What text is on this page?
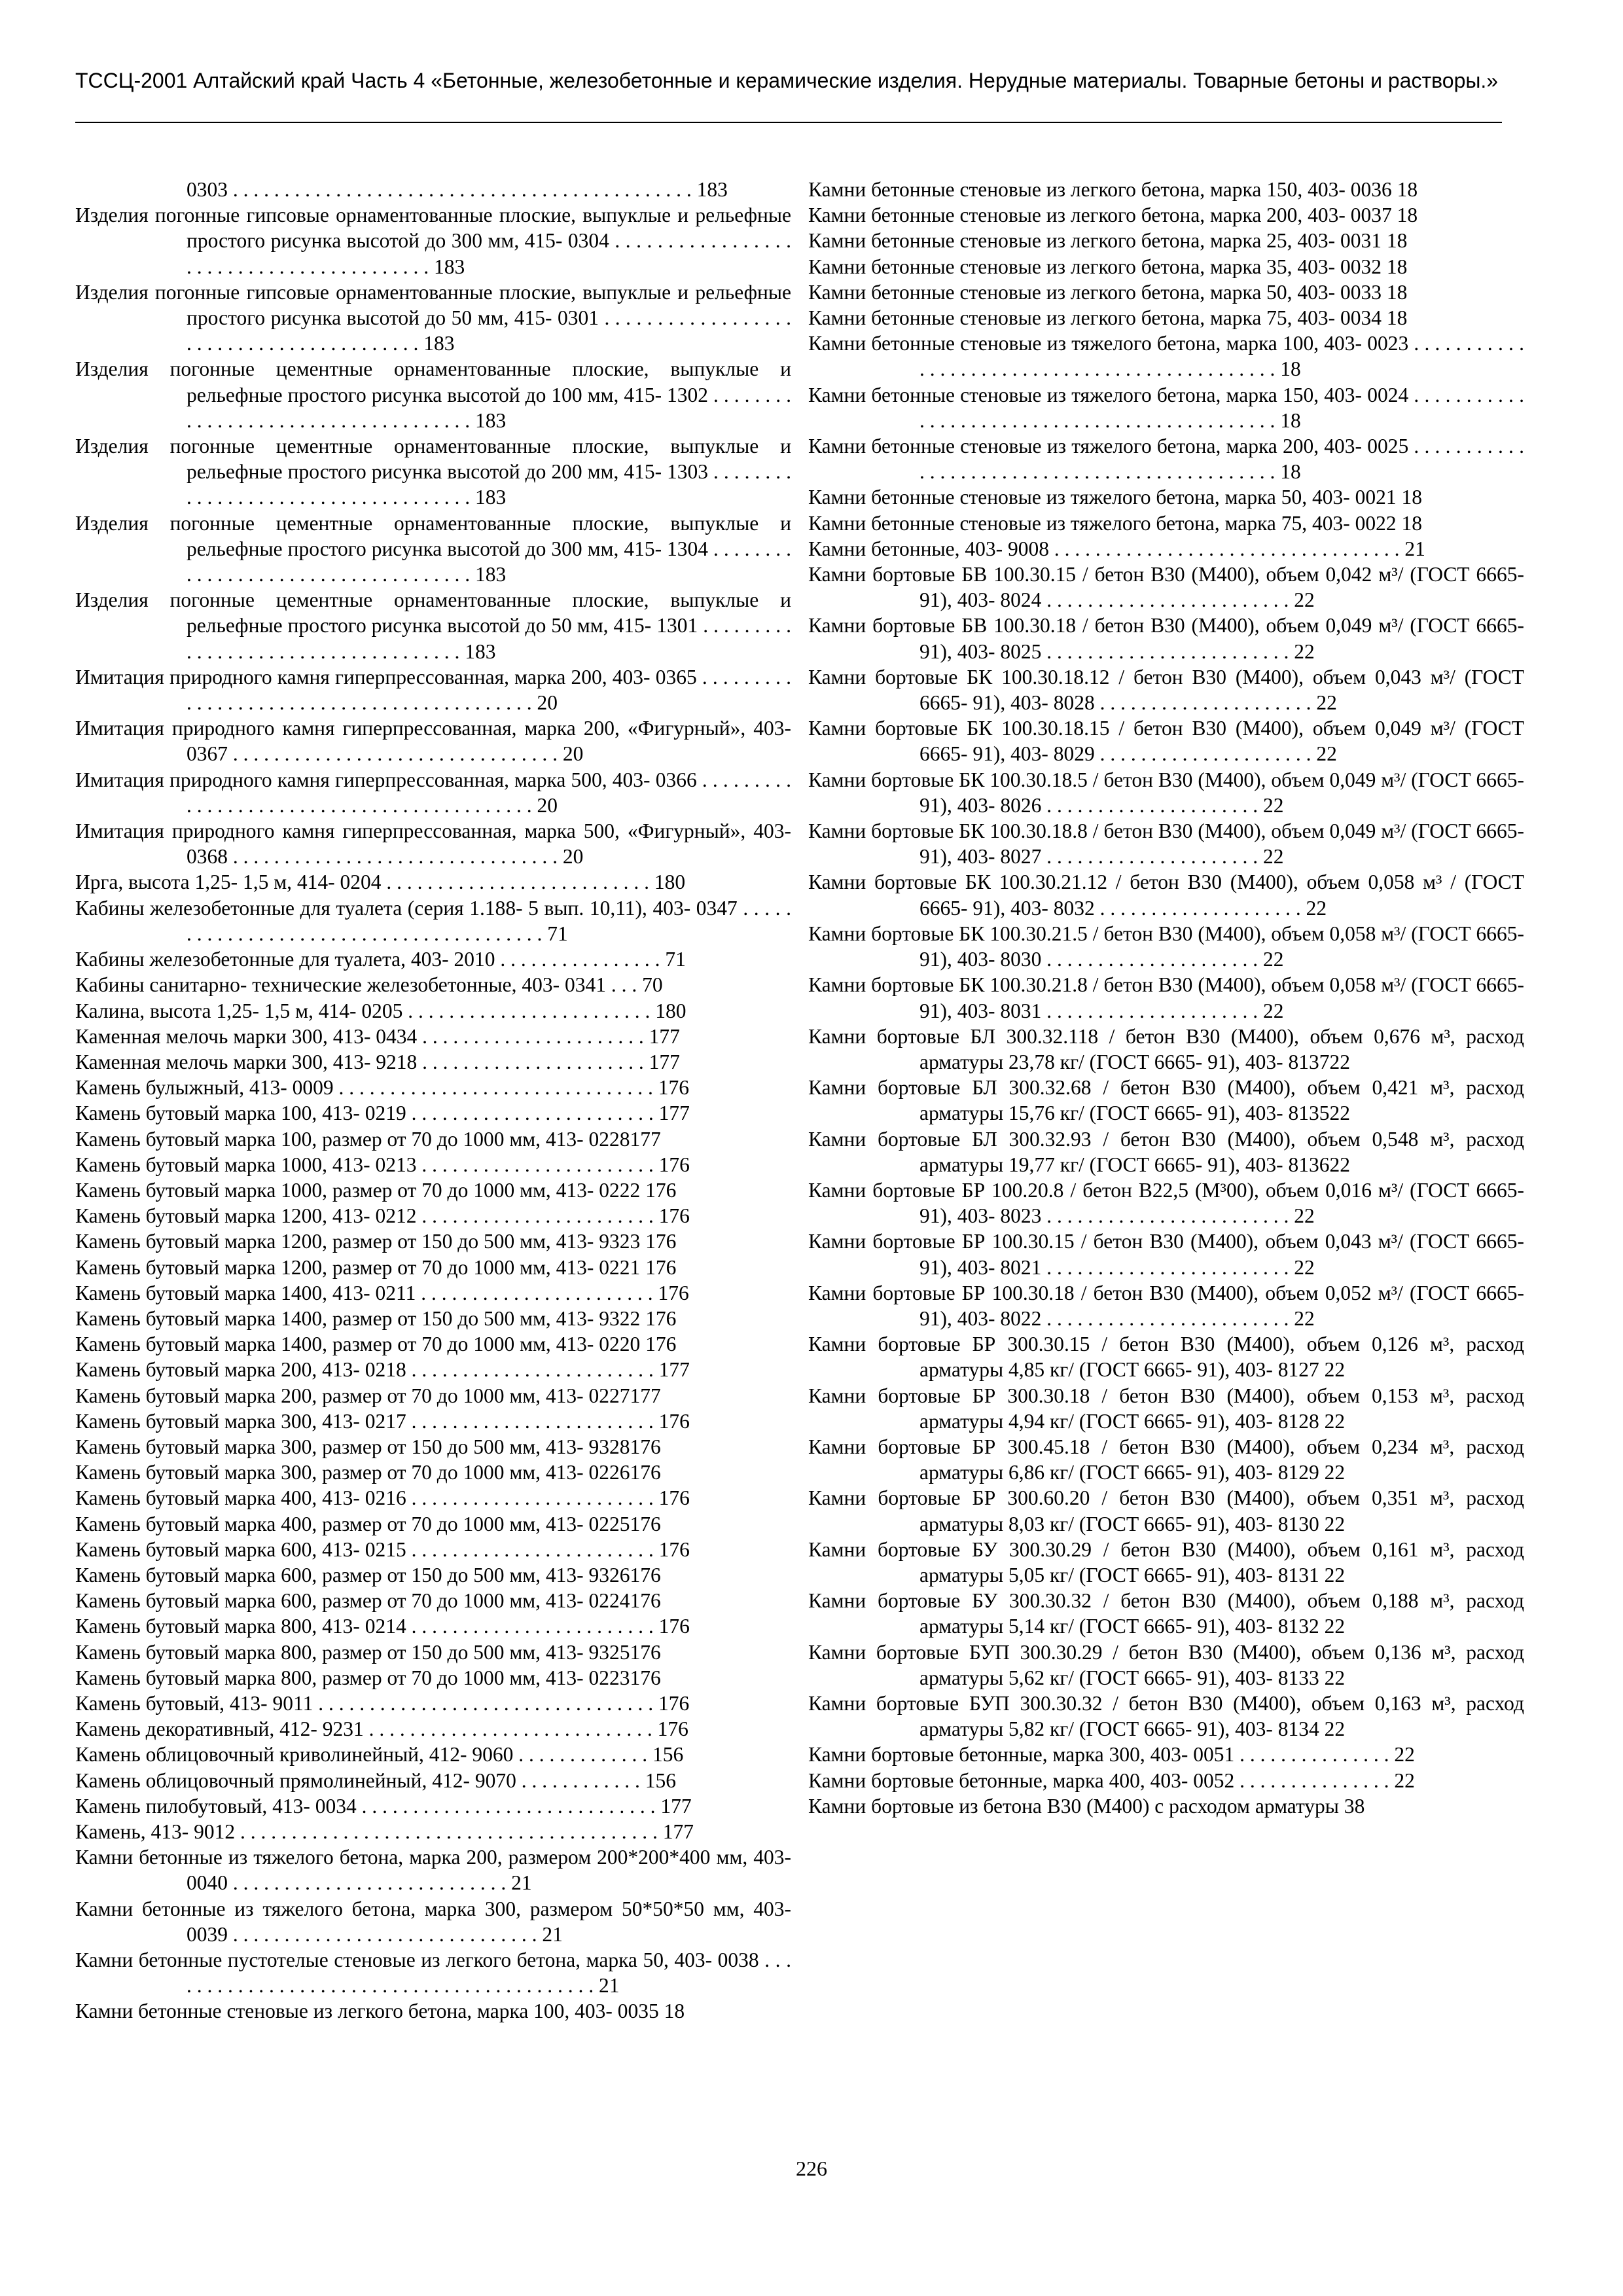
ТССЦ-2001 Алтайский край Часть 4 «Бетонные, железобетонные и керамические изделия. Нерудные материалы. Товарные бетоны и растворы.»
0303 . . . . . . . . . . . . . . . . . . . . . . . . . . . . . . . . . . . . . . . . . . . . . 183
Изделия погонные гипсовые орнаментованные плоские, выпуклые и рельефные простого рисунка высотой до 300 мм, 415- 0304 . . . . . . . . . . . . . . . . . . . . . . . . . . . . . . . . . . . . . . . . . 183
Изделия погонные гипсовые орнаментованные плоские, выпуклые и рельефные простого рисунка высотой до 50 мм, 415- 0301 . . . . . . . . . . . . . . . . . . . . . . . . . . . . . . . . . . . . . . . . . 183
Изделия погонные цементные орнаментованные плоские, выпуклые и рельефные простого рисунка высотой до 100 мм, 415- 1302 . . . . . . . . . . . . . . . . . . . . . . . . . . . . . . . . . . . . 183
Изделия погонные цементные орнаментованные плоские, выпуклые и рельефные простого рисунка высотой до 200 мм, 415- 1303 . . . . . . . . . . . . . . . . . . . . . . . . . . . . . . . . . . . . 183
Изделия погонные цементные орнаментованные плоские, выпуклые и рельефные простого рисунка высотой до 300 мм, 415- 1304 . . . . . . . . . . . . . . . . . . . . . . . . . . . . . . . . . . . . 183
Изделия погонные цементные орнаментованные плоские, выпуклые и рельефные простого рисунка высотой до 50 мм, 415- 1301 . . . . . . . . . . . . . . . . . . . . . . . . . . . . . . . . . . . . 183
Имитация природного камня гиперпрессованная, марка 200, 403- 0365 . . . . . . . . . . . . . . . . . . . . . . . . . . . . . . . . . . . . . . . . . . . 20
Имитация природного камня гиперпрессованная, марка 200, «Фигурный», 403- 0367 . . . . . . . . . . . . . . . . . . . . . . . . . . . . . . . . 20
Имитация природного камня гиперпрессованная, марка 500, 403- 0366 . . . . . . . . . . . . . . . . . . . . . . . . . . . . . . . . . . . . . . . . . . . 20
Имитация природного камня гиперпрессованная, марка 500, «Фигурный», 403- 0368 . . . . . . . . . . . . . . . . . . . . . . . . . . . . . . . . 20
Ирга, высота 1,25- 1,5 м, 414- 0204 . . . . . . . . . . . . . . . . . . . . . . . . . . 180
Кабины железобетонные для туалета (серия 1.188- 5 вып. 10,11), 403- 0347 . . . . . . . . . . . . . . . . . . . . . . . . . . . . . . . . . . . . . . . . 71
Кабины железобетонные для туалета, 403- 2010 . . . . . . . . . . . . . . . . 71
Кабины санитарно- технические железобетонные, 403- 0341 . . . 70
Калина, высота 1,25- 1,5 м, 414- 0205 . . . . . . . . . . . . . . . . . . . . . . . . 180
Каменная мелочь марки 300, 413- 0434 . . . . . . . . . . . . . . . . . . . . . . 177
Каменная мелочь марки 300, 413- 9218 . . . . . . . . . . . . . . . . . . . . . . 177
Камень булыжный, 413- 0009 . . . . . . . . . . . . . . . . . . . . . . . . . . . . . . . 176
Камень бутовый марка 100, 413- 0219 . . . . . . . . . . . . . . . . . . . . . . . . 177
Камень бутовый марка 100, размер от 70 до 1000 мм, 413- 0228177
Камень бутовый марка 1000, 413- 0213 . . . . . . . . . . . . . . . . . . . . . . . 176
Камень бутовый марка 1000, размер от 70 до 1000 мм, 413- 0222 176
Камень бутовый марка 1200, 413- 0212 . . . . . . . . . . . . . . . . . . . . . . . 176
Камень бутовый марка 1200, размер от 150 до 500 мм, 413- 9323 176
Камень бутовый марка 1200, размер от 70 до 1000 мм, 413- 0221 176
Камень бутовый марка 1400, 413- 0211 . . . . . . . . . . . . . . . . . . . . . . . 176
Камень бутовый марка 1400, размер от 150 до 500 мм, 413- 9322 176
Камень бутовый марка 1400, размер от 70 до 1000 мм, 413- 0220 176
Камень бутовый марка 200, 413- 0218 . . . . . . . . . . . . . . . . . . . . . . . . 177
Камень бутовый марка 200, размер от 70 до 1000 мм, 413- 0227177
Камень бутовый марка 300, 413- 0217 . . . . . . . . . . . . . . . . . . . . . . . . 176
Камень бутовый марка 300, размер от 150 до 500 мм, 413- 9328176
Камень бутовый марка 300, размер от 70 до 1000 мм, 413- 0226176
Камень бутовый марка 400, 413- 0216 . . . . . . . . . . . . . . . . . . . . . . . . 176
Камень бутовый марка 400, размер от 70 до 1000 мм, 413- 0225176
Камень бутовый марка 600, 413- 0215 . . . . . . . . . . . . . . . . . . . . . . . . 176
Камень бутовый марка 600, размер от 150 до 500 мм, 413- 9326176
Камень бутовый марка 600, размер от 70 до 1000 мм, 413- 0224176
Камень бутовый марка 800, 413- 0214 . . . . . . . . . . . . . . . . . . . . . . . . 176
Камень бутовый марка 800, размер от 150 до 500 мм, 413- 9325176
Камень бутовый марка 800, размер от 70 до 1000 мм, 413- 0223176
Камень бутовый, 413- 9011 . . . . . . . . . . . . . . . . . . . . . . . . . . . . . . . . . 176
Камень декоративный, 412- 9231 . . . . . . . . . . . . . . . . . . . . . . . . . . . . 176
Камень облицовочный криволинейный, 412- 9060 . . . . . . . . . . . . . 156
Камень облицовочный прямолинейный, 412- 9070 . . . . . . . . . . . . 156
Камень пилобутовый, 413- 0034 . . . . . . . . . . . . . . . . . . . . . . . . . . . . . 177
Камень, 413- 9012 . . . . . . . . . . . . . . . . . . . . . . . . . . . . . . . . . . . . . . . . . 177
Камни бетонные из тяжелого бетона, марка 200, размером 200*200*400 мм, 403- 0040 . . . . . . . . . . . . . . . . . . . . . . . . . . . 21
Камни бетонные из тяжелого бетона, марка 300, размером 50*50*50 мм, 403- 0039 . . . . . . . . . . . . . . . . . . . . . . . . . . . . . . 21
Камни бетонные пустотелые стеновые из легкого бетона, марка 50, 403- 0038 . . . . . . . . . . . . . . . . . . . . . . . . . . . . . . . . . . . . . . . . . . . 21
Камни бетонные стеновые из легкого бетона, марка 100, 403- 0035 18
Камни бетонные стеновые из легкого бетона, марка 150, 403- 0036 18
Камни бетонные стеновые из легкого бетона, марка 200, 403- 0037 18
Камни бетонные стеновые из легкого бетона, марка 25, 403- 0031 18
Камни бетонные стеновые из легкого бетона, марка 35, 403- 0032 18
Камни бетонные стеновые из легкого бетона, марка 50, 403- 0033 18
Камни бетонные стеновые из легкого бетона, марка 75, 403- 0034 18
Камни бетонные стеновые из тяжелого бетона, марка 100, 403- 0023 . . . . . . . . . . . . . . . . . . . . . . . . . . . . . . . . . . . . . . . . . . . . . . 18
Камни бетонные стеновые из тяжелого бетона, марка 150, 403- 0024 . . . . . . . . . . . . . . . . . . . . . . . . . . . . . . . . . . . . . . . . . . . . . . 18
Камни бетонные стеновые из тяжелого бетона, марка 200, 403- 0025 . . . . . . . . . . . . . . . . . . . . . . . . . . . . . . . . . . . . . . . . . . . . . . 18
Камни бетонные стеновые из тяжелого бетона, марка 50, 403- 0021 18
Камни бетонные стеновые из тяжелого бетона, марка 75, 403- 0022 18
Камни бетонные, 403- 9008 . . . . . . . . . . . . . . . . . . . . . . . . . . . . . . . . . . 21
Камни бортовые БВ 100.30.15 / бетон В30 (М400), объем 0,042 м³/ (ГОСТ 6665- 91), 403- 8024 . . . . . . . . . . . . . . . . . . . . . . . . 22
Камни бортовые БВ 100.30.18 / бетон В30 (М400), объем 0,049 м³/ (ГОСТ 6665- 91), 403- 8025 . . . . . . . . . . . . . . . . . . . . . . . . 22
Камни бортовые БК 100.30.18.12 / бетон В30 (М400), объем 0,043 м³/ (ГОСТ 6665- 91), 403- 8028 . . . . . . . . . . . . . . . . . . . . . 22
Камни бортовые БК 100.30.18.15 / бетон В30 (М400), объем 0,049 м³/ (ГОСТ 6665- 91), 403- 8029 . . . . . . . . . . . . . . . . . . . . . 22
Камни бортовые БК 100.30.18.5 / бетон В30 (М400), объем 0,049 м³/ (ГОСТ 6665- 91), 403- 8026 . . . . . . . . . . . . . . . . . . . . . 22
Камни бортовые БК 100.30.18.8 / бетон В30 (М400), объем 0,049 м³/ (ГОСТ 6665- 91), 403- 8027 . . . . . . . . . . . . . . . . . . . . . 22
Камни бортовые БК 100.30.21.12 / бетон В30 (М400), объем 0,058 м³ / (ГОСТ 6665- 91), 403- 8032 . . . . . . . . . . . . . . . . . . . . 22
Камни бортовые БК 100.30.21.5 / бетон В30 (М400), объем 0,058 м³/ (ГОСТ 6665- 91), 403- 8030 . . . . . . . . . . . . . . . . . . . . . 22
Камни бортовые БК 100.30.21.8 / бетон В30 (М400), объем 0,058 м³/ (ГОСТ 6665- 91), 403- 8031 . . . . . . . . . . . . . . . . . . . . . 22
Камни бортовые БЛ 300.32.118 / бетон В30 (М400), объем 0,676 м³, расход арматуры 23,78 кг/ (ГОСТ 6665- 91), 403- 813722
Камни бортовые БЛ 300.32.68 / бетон В30 (М400), объем 0,421 м³, расход арматуры 15,76 кг/ (ГОСТ 6665- 91), 403- 813522
Камни бортовые БЛ 300.32.93 / бетон В30 (М400), объем 0,548 м³, расход арматуры 19,77 кг/ (ГОСТ 6665- 91), 403- 813622
Камни бортовые БР 100.20.8 / бетон В22,5 (М³00), объем 0,016 м³/ (ГОСТ 6665- 91), 403- 8023 . . . . . . . . . . . . . . . . . . . . . . . . 22
Камни бортовые БР 100.30.15 / бетон В30 (М400), объем 0,043 м³/ (ГОСТ 6665- 91), 403- 8021 . . . . . . . . . . . . . . . . . . . . . . . . 22
Камни бортовые БР 100.30.18 / бетон В30 (М400), объем 0,052 м³/ (ГОСТ 6665- 91), 403- 8022 . . . . . . . . . . . . . . . . . . . . . . . . 22
Камни бортовые БР 300.30.15 / бетон В30 (М400), объем 0,126 м³, расход арматуры 4,85 кг/ (ГОСТ 6665- 91), 403- 8127 22
Камни бортовые БР 300.30.18 / бетон В30 (М400), объем 0,153 м³, расход арматуры 4,94 кг/ (ГОСТ 6665- 91), 403- 8128 22
Камни бортовые БР 300.45.18 / бетон В30 (М400), объем 0,234 м³, расход арматуры 6,86 кг/ (ГОСТ 6665- 91), 403- 8129 22
Камни бортовые БР 300.60.20 / бетон В30 (М400), объем 0,351 м³, расход арматуры 8,03 кг/ (ГОСТ 6665- 91), 403- 8130 22
Камни бортовые БУ 300.30.29 / бетон В30 (М400), объем 0,161 м³, расход арматуры 5,05 кг/ (ГОСТ 6665- 91), 403- 8131 22
Камни бортовые БУ 300.30.32 / бетон В30 (М400), объем 0,188 м³, расход арматуры 5,14 кг/ (ГОСТ 6665- 91), 403- 8132 22
Камни бортовые БУП 300.30.29 / бетон В30 (М400), объем 0,136 м³, расход арматуры 5,62 кг/ (ГОСТ 6665- 91), 403- 8133 22
Камни бортовые БУП 300.30.32 / бетон В30 (М400), объем 0,163 м³, расход арматуры 5,82 кг/ (ГОСТ 6665- 91), 403- 8134 22
Камни бортовые бетонные, марка 300, 403- 0051 . . . . . . . . . . . . . . . 22
Камни бортовые бетонные, марка 400, 403- 0052 . . . . . . . . . . . . . . . 22
Камни бортовые из бетона В30 (М400) с расходом арматуры 38
226
